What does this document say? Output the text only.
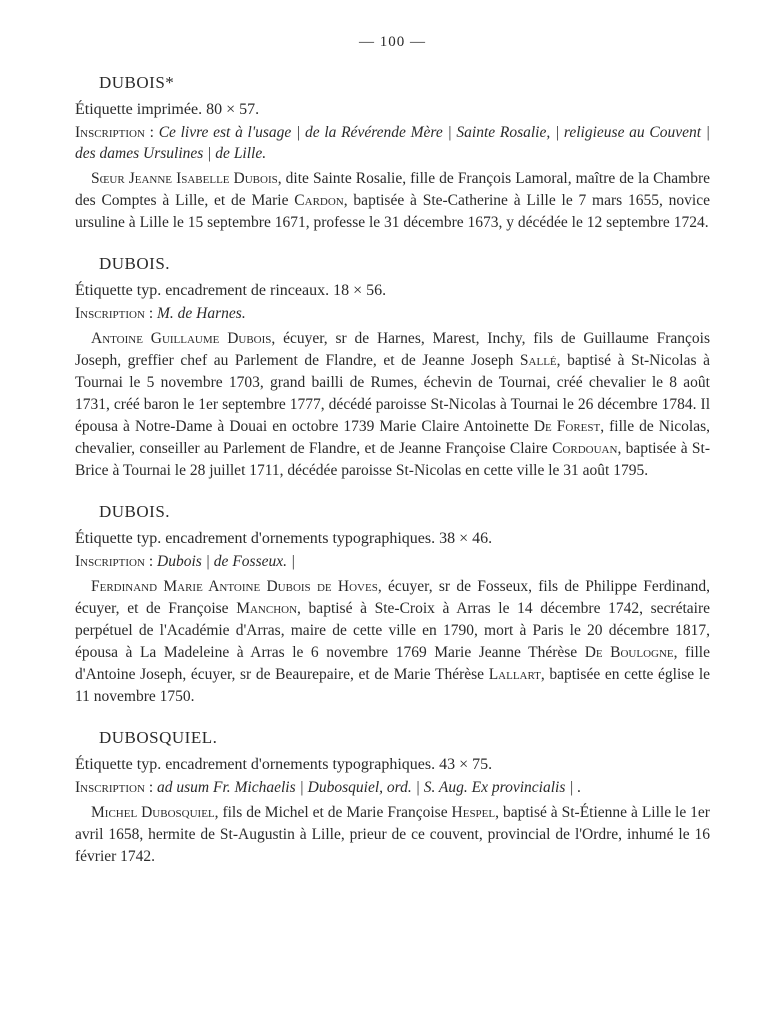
— 100 —
DUBOIS*

Étiquette imprimée. 80 × 57.

Inscription : Ce livre est à l'usage | de la Révérende Mère | Sainte Rosalie, | religieuse au Couvent | des dames Ursulines | de Lille.

Sœur Jeanne Isabelle Dubois, dite Sainte Rosalie, fille de François Lamoral, maître de la Chambre des Comptes à Lille, et de Marie Cardon, baptisée à Ste-Catherine à Lille le 7 mars 1655, novice ursuline à Lille le 15 septembre 1671, professe le 31 décembre 1673, y décédée le 12 septembre 1724.

DUBOIS.

Étiquette typ. encadrement de rinceaux. 18 × 56.

Inscription : M. de Harnes.

Antoine Guillaume Dubois, écuyer, sr de Harnes, Marest, Inchy, fils de Guillaume François Joseph, greffier chef au Parlement de Flandre, et de Jeanne Joseph Sallé, baptisé à St-Nicolas à Tournai le 5 novembre 1703, grand bailli de Rumes, échevin de Tournai, créé chevalier le 8 août 1731, créé baron le 1er septembre 1777, décédé paroisse St-Nicolas à Tournai le 26 décembre 1784. Il épousa à Notre-Dame à Douai en octobre 1739 Marie Claire Antoinette De Forest, fille de Nicolas, chevalier, conseiller au Parlement de Flandre, et de Jeanne Françoise Claire Cordouan, baptisée à St-Brice à Tournai le 28 juillet 1711, décédée paroisse St-Nicolas en cette ville le 31 août 1795.

DUBOIS.

Étiquette typ. encadrement d'ornements typographiques. 38 × 46.

Inscription : Dubois | de Fosseux. |

Ferdinand Marie Antoine Dubois de Hoves, écuyer, sr de Fosseux, fils de Philippe Ferdinand, écuyer, et de Françoise Manchon, baptisé à Ste-Croix à Arras le 14 décembre 1742, secrétaire perpétuel de l'Académie d'Arras, maire de cette ville en 1790, mort à Paris le 20 décembre 1817, épousa à La Madeleine à Arras le 6 novembre 1769 Marie Jeanne Thérèse De Boulogne, fille d'Antoine Joseph, écuyer, sr de Beaurepaire, et de Marie Thérèse Lallart, baptisée en cette église le 11 novembre 1750.

DUBOSQUIEL.

Étiquette typ. encadrement d'ornements typographiques. 43 × 75.

Inscription : ad usum Fr. Michaelis | Dubosquiel, ord. | S. Aug. Ex provincialis | .

Michel Dubosquiel, fils de Michel et de Marie Françoise Hespel, baptisé à St-Étienne à Lille le 1er avril 1658, hermite de St-Augustin à Lille, prieur de ce couvent, provincial de l'Ordre, inhumé le 16 février 1742.
